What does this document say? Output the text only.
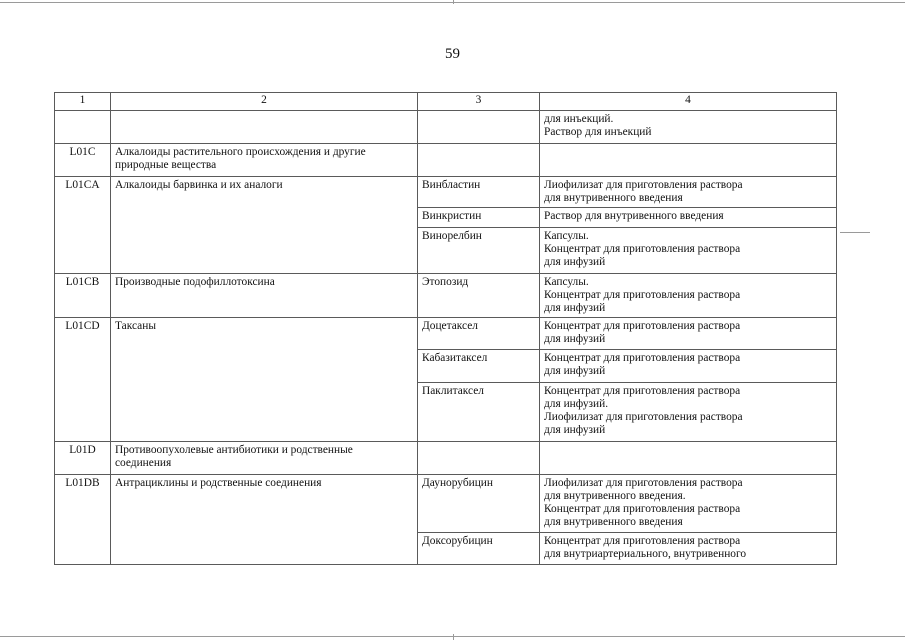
59
1	2	3	4

			для инъекций.
Раствор для инъекций

L01C	Алкалоиды растительного происхождения и другие
природные вещества		

L01CA	Алкалоиды барвинка и их аналоги	Винбластин	Лиофилизат для приготовления раствора
для внутривенного введения

		Винкристин	Раствор для внутривенного введения

		Винорелбин	Капсулы.
Концентрат для приготовления раствора
для инфузий

L01CB	Производные подофиллотоксина	Этопозид	Капсулы.
Концентрат для приготовления раствора
для инфузий

L01CD	Таксаны	Доцетаксел	Концентрат для приготовления раствора
для инфузий

		Кабазитаксел	Концентрат для приготовления раствора
для инфузий

		Паклитаксел	Концентрат для приготовления раствора
для инфузий.
Лиофилизат для приготовления раствора
для инфузий

L01D	Противоопухолевые антибиотики и родственные
соединения		

L01DB	Антрациклины и родственные соединения	Даунорубицин	Лиофилизат для приготовления раствора
для внутривенного введения.
Концентрат для приготовления раствора
для внутривенного введения

		Доксорубицин	Концентрат для приготовления раствора
для внутриартериального, внутривенного
